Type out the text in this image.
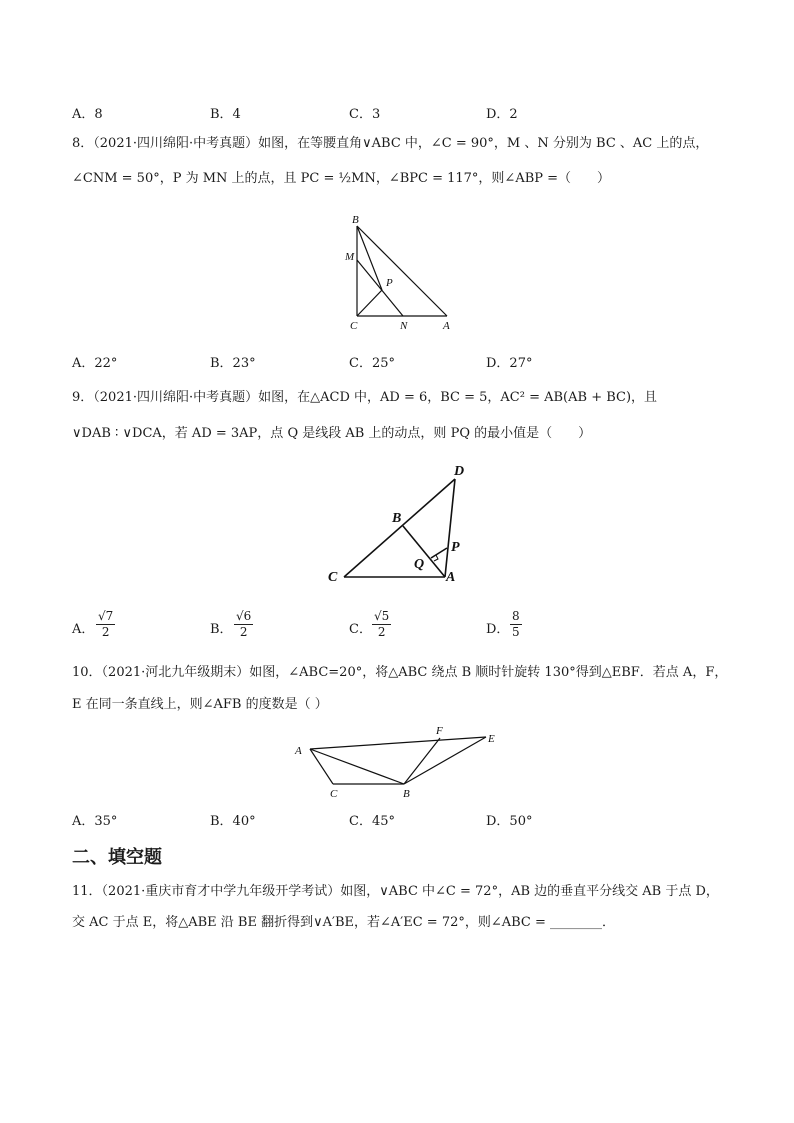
A．8	B．4	C．3	D．2
8．（2021·四川绵阳·中考真题）如图，在等腰直角∨ABC 中，∠C = 90°，M 、N 分别为 BC 、AC 上的点，
∠CNM = 50°，P 为 MN 上的点，且 PC = ½MN，∠BPC = 117°，则∠ABP =（　　）
B
M
P
C	N	A
A．22°	B．23°	C．25°	D．27°
9．（2021·四川绵阳·中考真题）如图，在△ACD 中，AD = 6，BC = 5，AC² = AB(AB + BC)，且
∨DAB ∶ ∨DCA，若 AD = 3AP，点 Q 是线段 AB 上的动点，则 PQ 的最小值是（　　）
D
B
P
Q
C	A
A． $\frac{√7}{2}$	B． $\frac{√6}{2}$	C． $\frac{√5}{2}$	D． $\frac{8}{5}$
10．（2021·河北九年级期末）如图，∠ABC=20°，将△ABC 绕点 B 顺时针旋转 130°得到△EBF．若点 A，F，
E 在同一条直线上，则∠AFB 的度数是（ ）
A
F
E
C	B
A．35°	B．40°	C．45°	D．50°
二、填空题
11．（2021·重庆市育才中学九年级开学考试）如图，∨ABC 中∠C = 72°，AB 边的垂直平分线交 AB 于点 D，
交 AC 于点 E，将△ABE 沿 BE 翻折得到∨A′BE，若∠A′EC = 72°，则∠ABC = ________．
